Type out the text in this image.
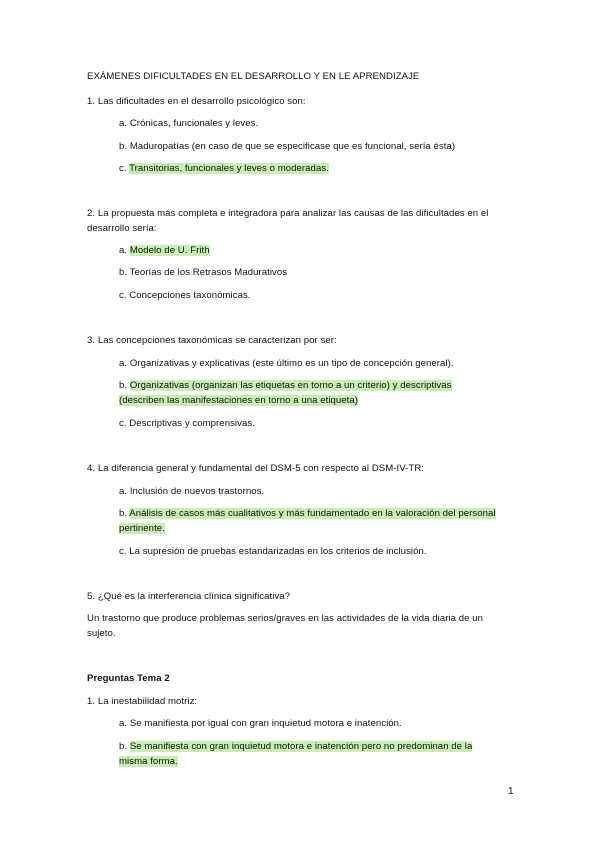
EXÁMENES DIFICULTADES EN EL DESARROLLO Y EN LE APRENDIZAJE
1. Las dificultades en el desarrollo psicológico son:
a. Crónicas, funcionales y leves.
b. Maduropatías (en caso de que se especificase que es funcional, sería ésta)
c. Transitorias, funcionales y leves o moderadas.
2. La propuesta más completa e integradora para analizar las causas de las dificultades en el
desarrollo sería:
a. Modelo de U. Frith
b. Teorías de los Retrasos Madurativos
c. Concepciones taxonómicas.
3. Las concepciones taxonómicas se caracterizan por ser:
a. Organizativas y explicativas (este último es un tipo de concepción general).
b. Organizativas (organizan las etiquetas en torno a un criterio) y descriptivas
(describen las manifestaciones en torno a una etiqueta)
c. Descriptivas y comprensivas.
4. La diferencia general y fundamental del DSM-5 con respecto al DSM-IV-TR:
a. Inclusión de nuevos trastornos.
b. Análisis de casos más cualitativos y más fundamentado en la valoración del personal
pertinente.
c. La supresión de pruebas estandarizadas en los criterios de inclusión.
5. ¿Qué es la interferencia clínica significativa?
Un trastorno que produce problemas serios/graves en las actividades de la vida diaria de un
sujeto.
Preguntas Tema 2
1. La inestabilidad motriz:
a. Se manifiesta por igual con gran inquietud motora e inatención.
b. Se manifiesta con gran inquietud motora e inatención pero no predominan de la
misma forma.
1
